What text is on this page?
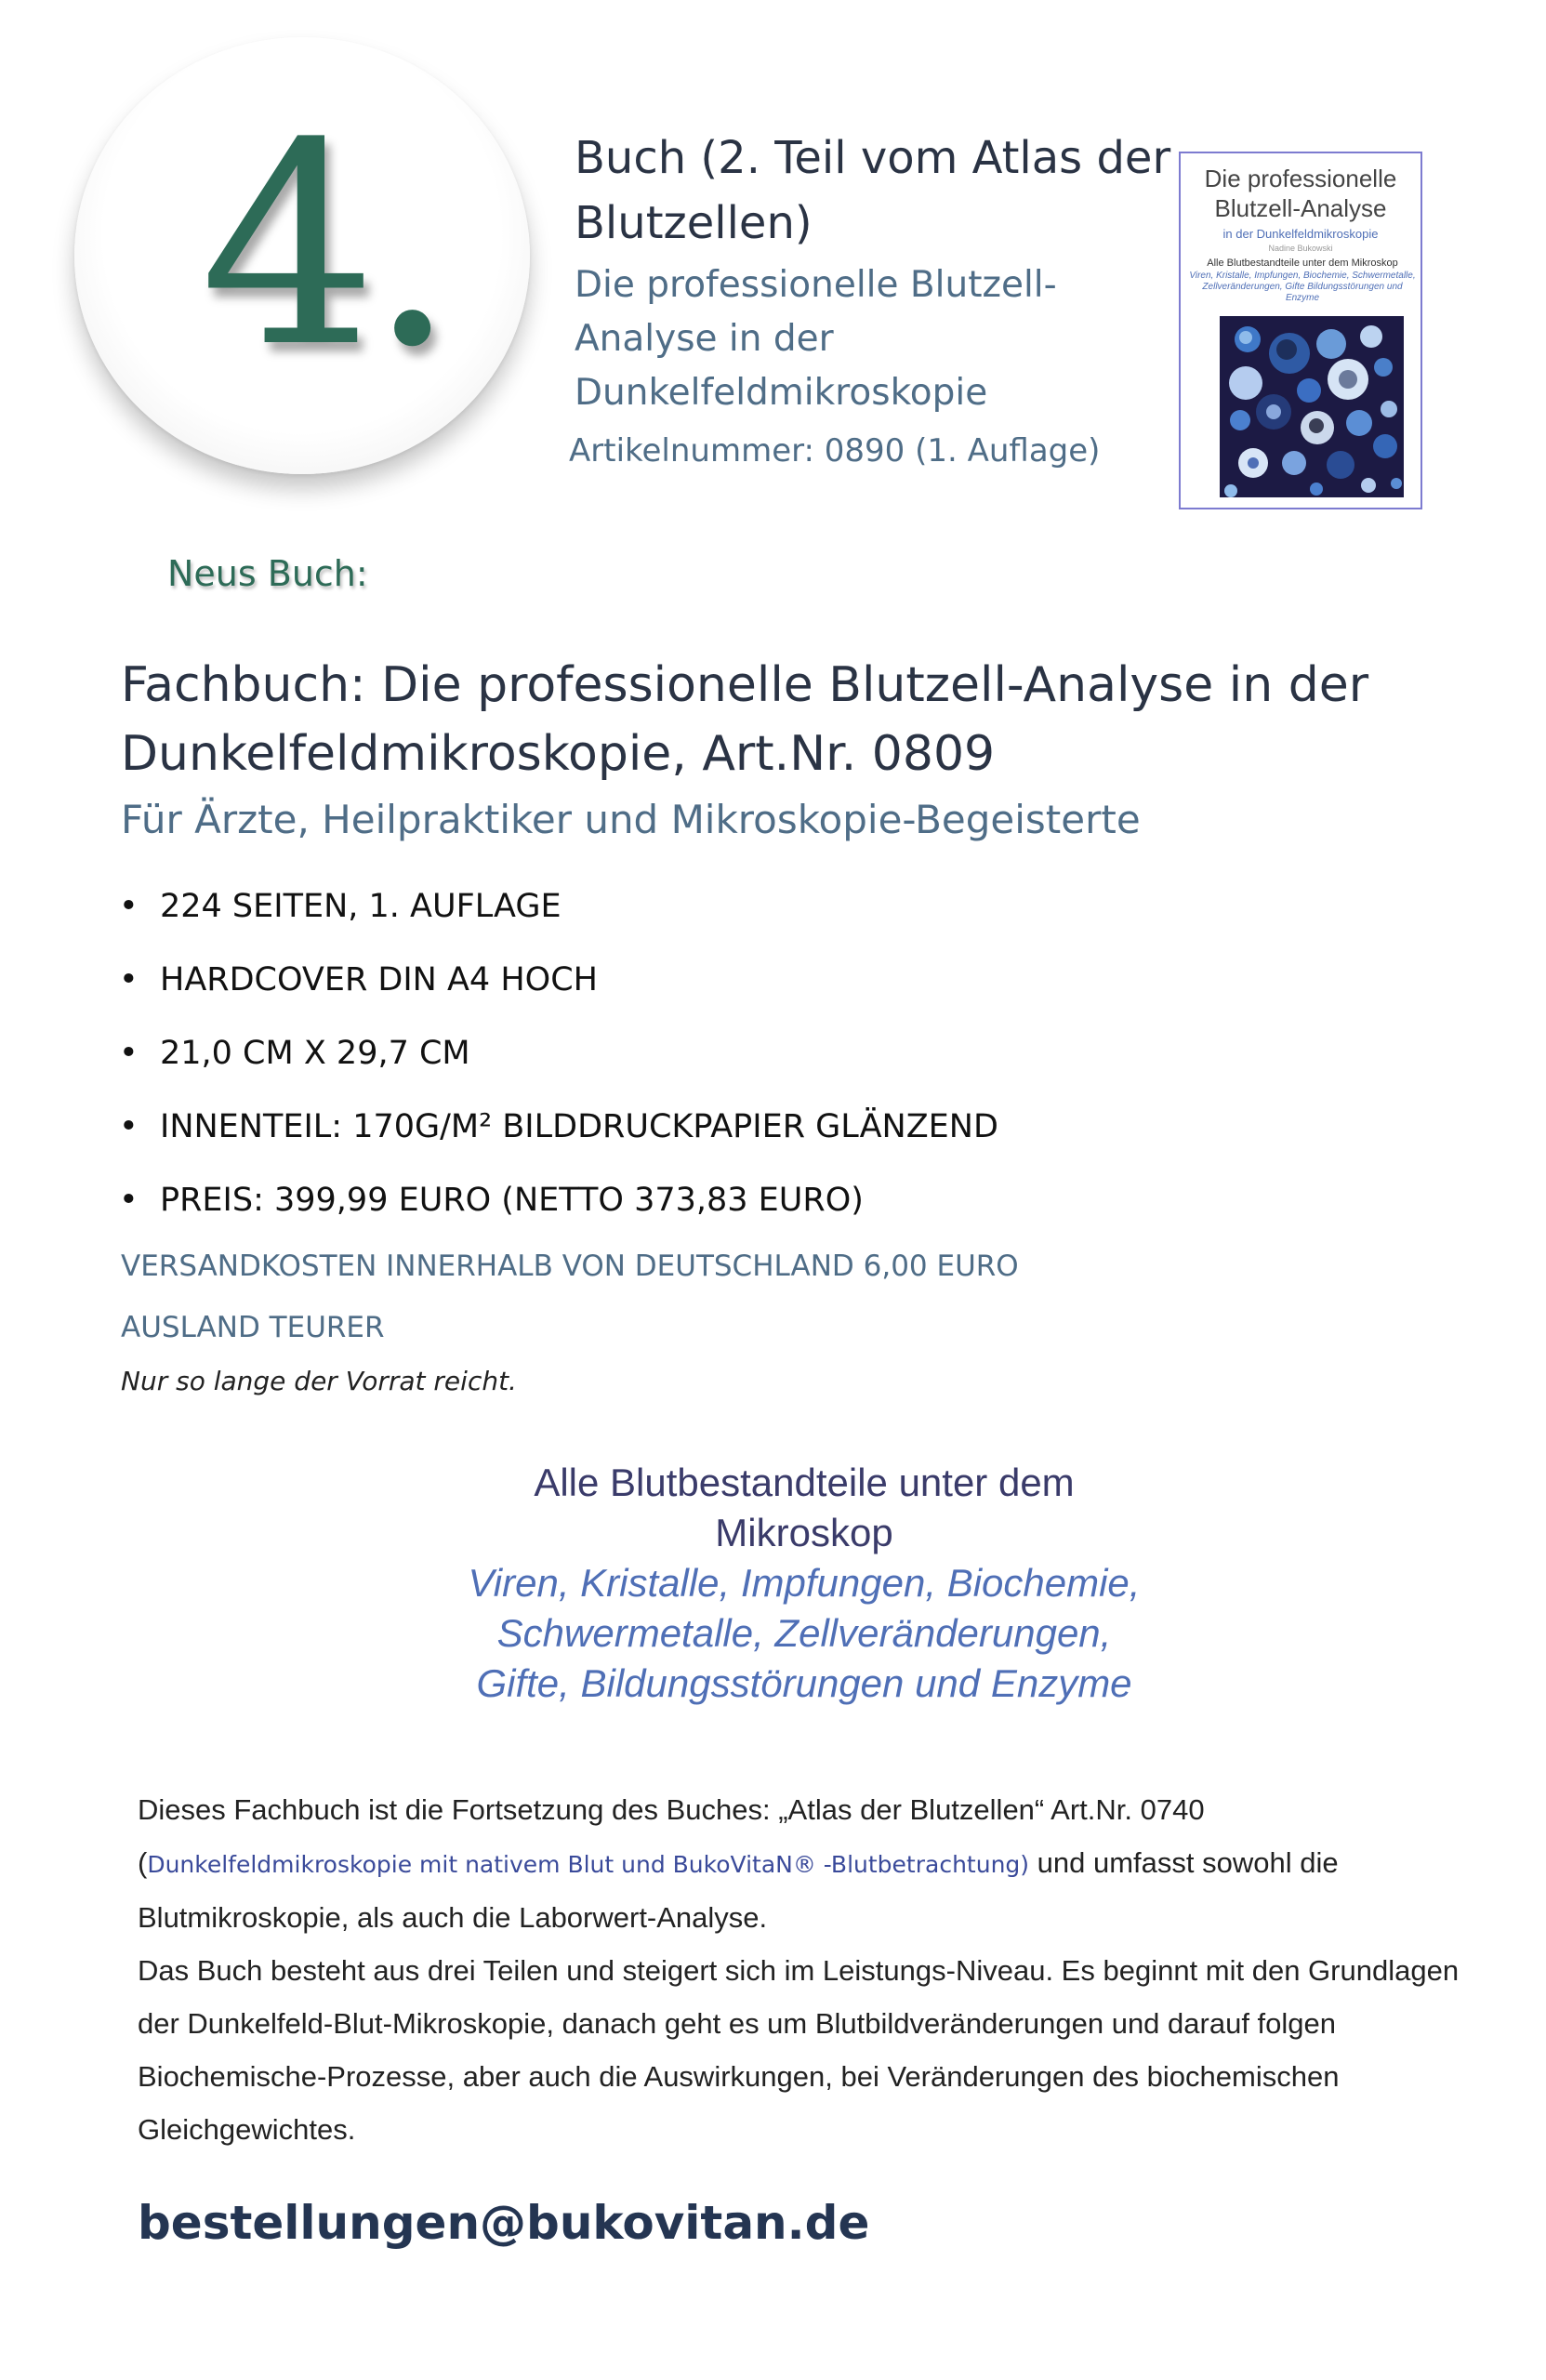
4.	Buch (2. Teil vom Atlas der Blutzellen)
Die professionelle Blutzell-Analyse in der Dunkelfeldmikroskopie
Artikelnummer: 0890 (1. Auflage)
Die professionelle
Blutzell-Analyse
in der Dunkelfeldmikroskopie
Nadine Bukowski
Alle Blutbestandteile unter dem Mikroskop
Viren, Kristalle, Impfungen, Biochemie, Schwermetalle, Zellveränderungen, Gifte Bildungsstörungen und Enzyme
Neus Buch:
Fachbuch: Die professionelle Blutzell-Analyse in der Dunkelfeldmikroskopie, Art.Nr. 0809
Für Ärzte, Heilpraktiker und Mikroskopie-Begeisterte
• 224 SEITEN, 1. AUFLAGE
• HARDCOVER DIN A4 HOCH
• 21,0 CM X 29,7 CM
• INNENTEIL: 170G/M² BILDDRUCKPAPIER GLÄNZEND
• PREIS: 399,99 EURO (NETTO 373,83 EURO)
VERSANDKOSTEN INNERHALB VON DEUTSCHLAND 6,00 EURO
AUSLAND TEURER
Nur so lange der Vorrat reicht.
Alle Blutbestandteile unter dem
Mikroskop
Viren, Kristalle, Impfungen, Biochemie,
Schwermetalle, Zellveränderungen,
Gifte, Bildungsstörungen und Enzyme
Dieses Fachbuch ist die Fortsetzung des Buches: „Atlas der Blutzellen“ Art.Nr. 0740
(Dunkelfeldmikroskopie mit nativem Blut und BukoVitaN® -Blutbetrachtung) und umfasst sowohl die Blutmikroskopie, als auch die Laborwert-Analyse.
Das Buch besteht aus drei Teilen und steigert sich im Leistungs-Niveau. Es beginnt mit den Grundlagen der Dunkelfeld-Blut-Mikroskopie, danach geht es um Blutbildveränderungen und darauf folgen Biochemische-Prozesse, aber auch die Auswirkungen, bei Veränderungen des biochemischen Gleichgewichtes.
bestellungen@bukovitan.de
